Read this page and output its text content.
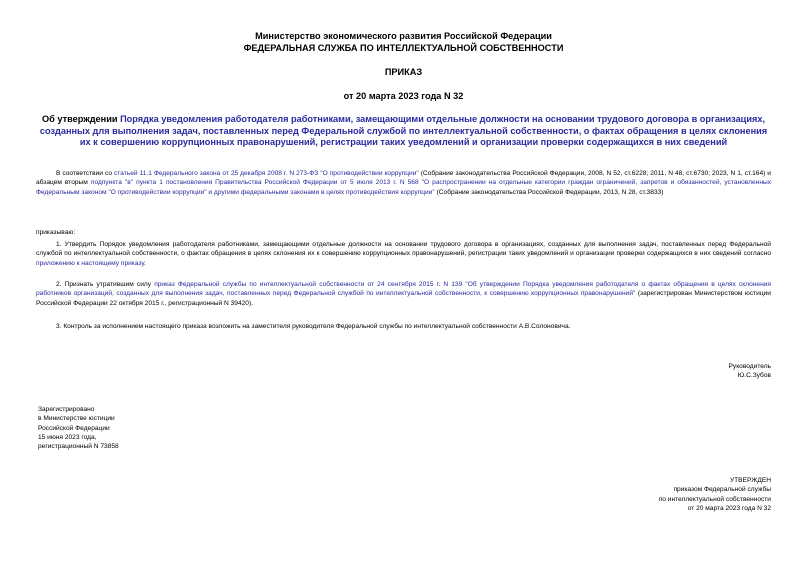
Министерство экономического развития Российской Федерации
ФЕДЕРАЛЬНАЯ СЛУЖБА ПО ИНТЕЛЛЕКТУАЛЬНОЙ СОБСТВЕННОСТИ
ПРИКАЗ
от 20 марта 2023 года N 32
Об утверждении Порядка уведомления работодателя работниками, замещающими отдельные должности на основании трудового договора в организациях, созданных для выполнения задач, поставленных перед Федеральной службой по интеллектуальной собственности, о фактах обращения в целях склонения их к совершению коррупционных правонарушений, регистрации таких уведомлений и организации проверки содержащихся в них сведений
В соответствии со статьей 11.1 Федерального закона от 25 декабря 2008 г. N 273-ФЗ "О противодействии коррупции" (Собрание законодательства Российской Федерации, 2008, N 52, ст.6228; 2011, N 48, ст.6730; 2023, N 1, ст.164) и абзацем вторым подпункта "в" пункта 1 постановления Правительства Российской Федерации от 5 июля 2013 г. N 568 "О распространении на отдельные категории граждан ограничений, запретов и обязанностей, установленных Федеральным законом "О противодействии коррупции" и другими федеральными законами в целях противодействия коррупции" (Собрание законодательства Российской Федерации, 2013, N 28, ст.3833)
приказываю:
1. Утвердить Порядок уведомления работодателя работниками, замещающими отдельные должности на основании трудового договора в организациях, созданных для выполнения задач, поставленных перед Федеральной службой по интеллектуальной собственности, о фактах обращения в целях склонения их к совершению коррупционных правонарушений, регистрации таких уведомлений и организации проверки содержащихся в них сведений согласно приложению к настоящему приказу.
2. Признать утратившим силу приказ Федеральной службы по интеллектуальной собственности от 24 сентября 2015 г. N 139 "Об утверждении Порядка уведомления работодателя о фактах обращения в целях склонения работников организаций, созданных для выполнения задач, поставленных перед Федеральной службой по интеллектуальной собственности, к совершению коррупционных правонарушений" (зарегистрирован Министерством юстиции Российской Федерации 22 октября 2015 г., регистрационный N 39420).
3. Контроль за исполнением настоящего приказа возложить на заместителя руководителя Федеральной службы по интеллектуальной собственности А.В.Солоновича.
Руководитель
Ю.С.Зубов
Зарегистрировано
в Министерстве юстиции
Российской Федерации
15 июня 2023 года,
регистрационный N 73858
УТВЕРЖДЕН
приказом Федеральной службы
по интеллектуальной собственности
от 20 марта 2023 года N 32
